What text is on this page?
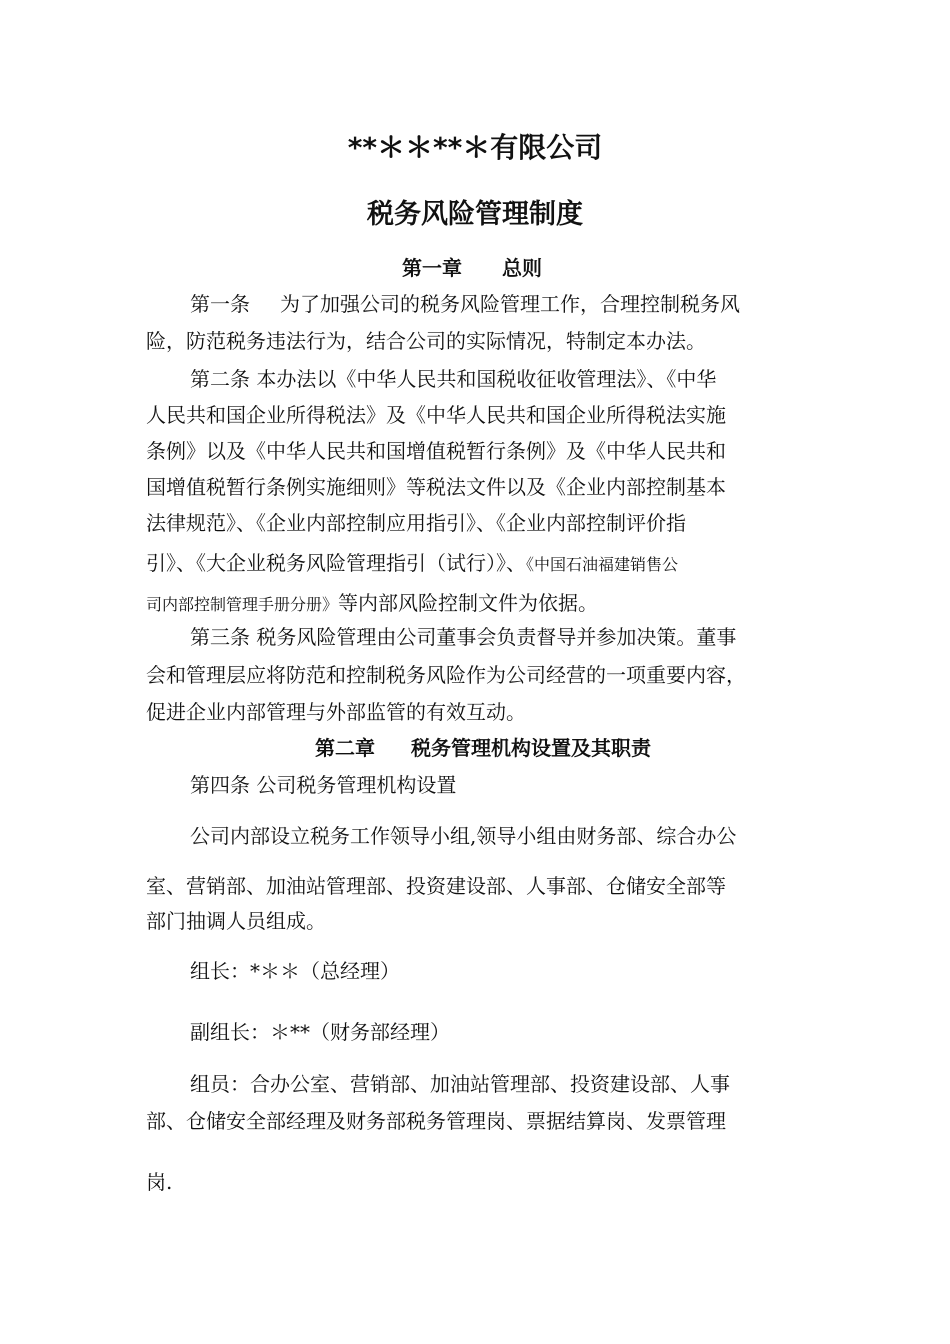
**＊＊**＊有限公司
税务风险管理制度
第一章 总则
第一条 为了加强公司的税务风险管理工作，合理控制税务风
险，防范税务违法行为，结合公司的实际情况，特制定本办法。
第二条 本办法以《中华人民共和国税收征收管理法》、《中华
人民共和国企业所得税法》及《中华人民共和国企业所得税法实施
条例》以及《中华人民共和国增值税暂行条例》及《中华人民共和
国增值税暂行条例实施细则》等税法文件以及《企业内部控制基本
法律规范》、《企业内部控制应用指引》、《企业内部控制评价指
引》、《大企业税务风险管理指引（试行）》、《中国石油福建销售公
司内部控制管理手册分册》等内部风险控制文件为依据。
第三条 税务风险管理由公司董事会负责督导并参加决策。董事
会和管理层应将防范和控制税务风险作为公司经营的一项重要内容，
促进企业内部管理与外部监管的有效互动。
第二章 税务管理机构设置及其职责
第四条 公司税务管理机构设置
公司内部设立税务工作领导小组,领导小组由财务部、综合办公
室、营销部、加油站管理部、投资建设部、人事部、仓储安全部等
部门抽调人员组成。
组长：*＊＊（总经理）
副组长：＊**（财务部经理）
组员：合办公室、营销部、加油站管理部、投资建设部、人事
部、仓储安全部经理及财务部税务管理岗、票据结算岗、发票管理
岗.
